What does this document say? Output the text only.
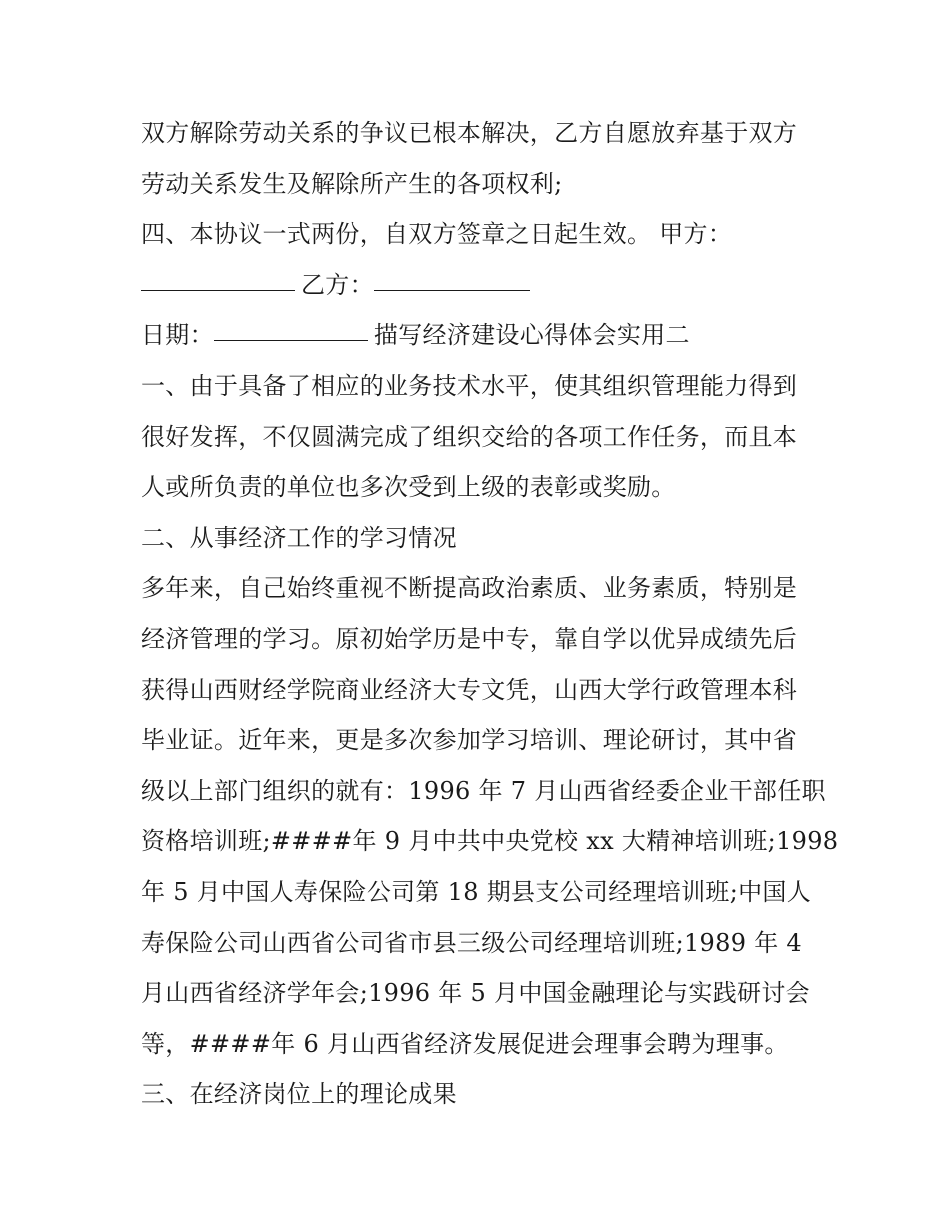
双方解除劳动关系的争议已根本解决，乙方自愿放弃基于双方

劳动关系发生及解除所产生的各项权利;

四、本协议一式两份，自双方签章之日起生效。 甲方：

乙方：

日期：	描写经济建设心得体会实用二

一、由于具备了相应的业务技术水平，使其组织管理能力得到

很好发挥，不仅圆满完成了组织交给的各项工作任务，而且本

人或所负责的单位也多次受到上级的表彰或奖励。

二、从事经济工作的学习情况

多年来，自己始终重视不断提高政治素质、业务素质，特别是

经济管理的学习。原初始学历是中专，靠自学以优异成绩先后

获得山西财经学院商业经济大专文凭，山西大学行政管理本科

毕业证。近年来，更是多次参加学习培训、理论研讨，其中省

级以上部门组织的就有：1996 年 7 月山西省经委企业干部任职

资格培训班;####年 9 月中共中央党校 xx 大精神培训班;1998

年 5 月中国人寿保险公司第 18 期县支公司经理培训班;中国人

寿保险公司山西省公司省市县三级公司经理培训班;1989 年 4

月山西省经济学年会;1996 年 5 月中国金融理论与实践研讨会

等，####年 6 月山西省经济发展促进会理事会聘为理事。

三、在经济岗位上的理论成果
